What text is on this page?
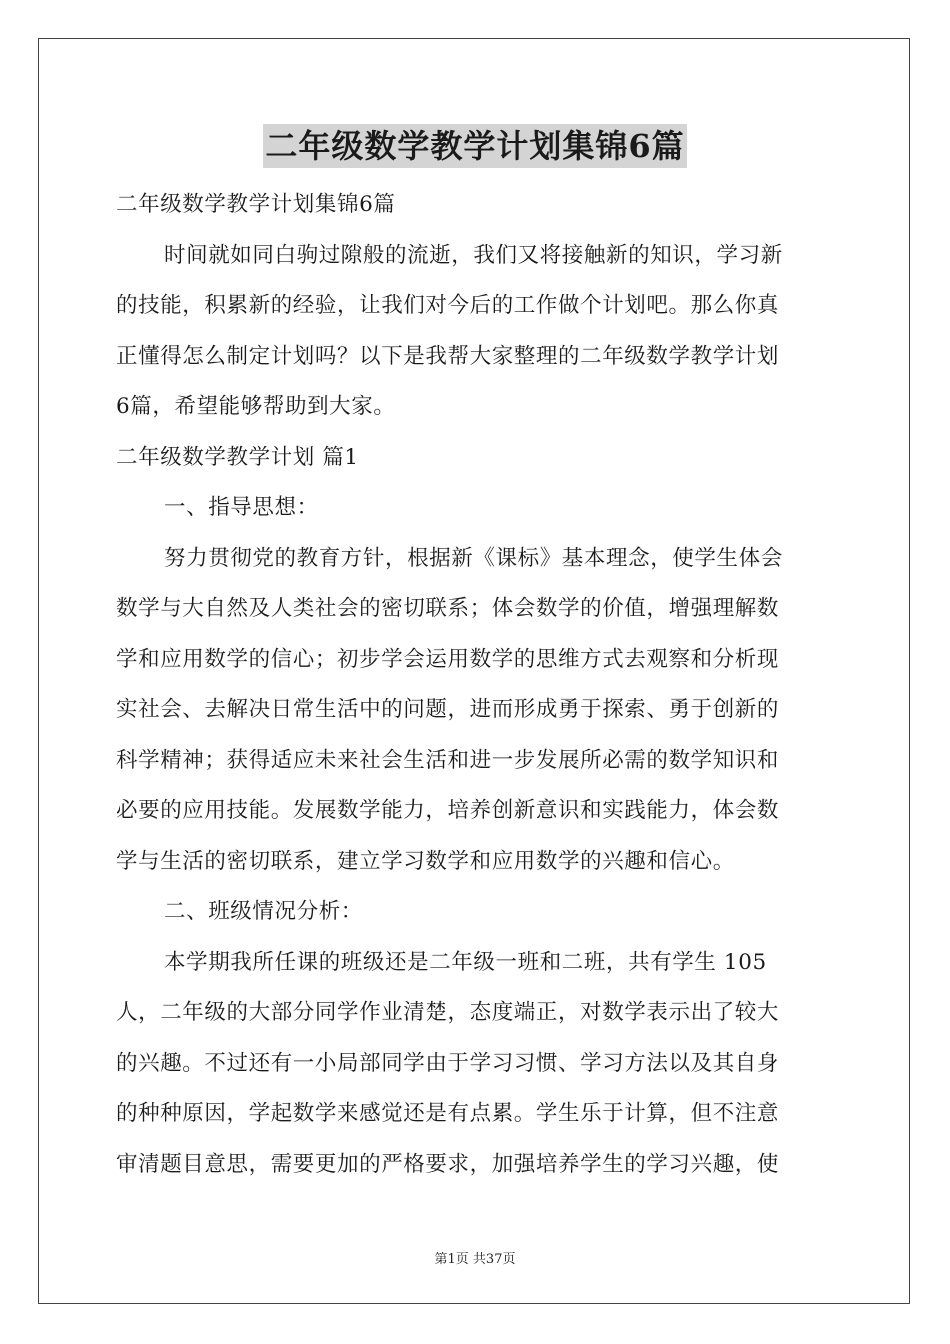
二年级数学教学计划集锦6篇
二年级数学教学计划集锦6篇
时间就如同白驹过隙般的流逝，我们又将接触新的知识，学习新
的技能，积累新的经验，让我们对今后的工作做个计划吧。那么你真
正懂得怎么制定计划吗？以下是我帮大家整理的二年级数学教学计划
6篇，希望能够帮助到大家。
二年级数学教学计划 篇1
一、指导思想：
努力贯彻党的教育方针，根据新《课标》基本理念，使学生体会
数学与大自然及人类社会的密切联系；体会数学的价值，增强理解数
学和应用数学的信心；初步学会运用数学的思维方式去观察和分析现
实社会、去解决日常生活中的问题，进而形成勇于探索、勇于创新的
科学精神；获得适应未来社会生活和进一步发展所必需的数学知识和
必要的应用技能。发展数学能力，培养创新意识和实践能力，体会数
学与生活的密切联系，建立学习数学和应用数学的兴趣和信心。
二、班级情况分析：
本学期我所任课的班级还是二年级一班和二班，共有学生 105
人，二年级的大部分同学作业清楚，态度端正，对数学表示出了较大
的兴趣。不过还有一小局部同学由于学习习惯、学习方法以及其自身
的种种原因，学起数学来感觉还是有点累。学生乐于计算，但不注意
审清题目意思，需要更加的严格要求，加强培养学生的学习兴趣，使
第1页 共37页
